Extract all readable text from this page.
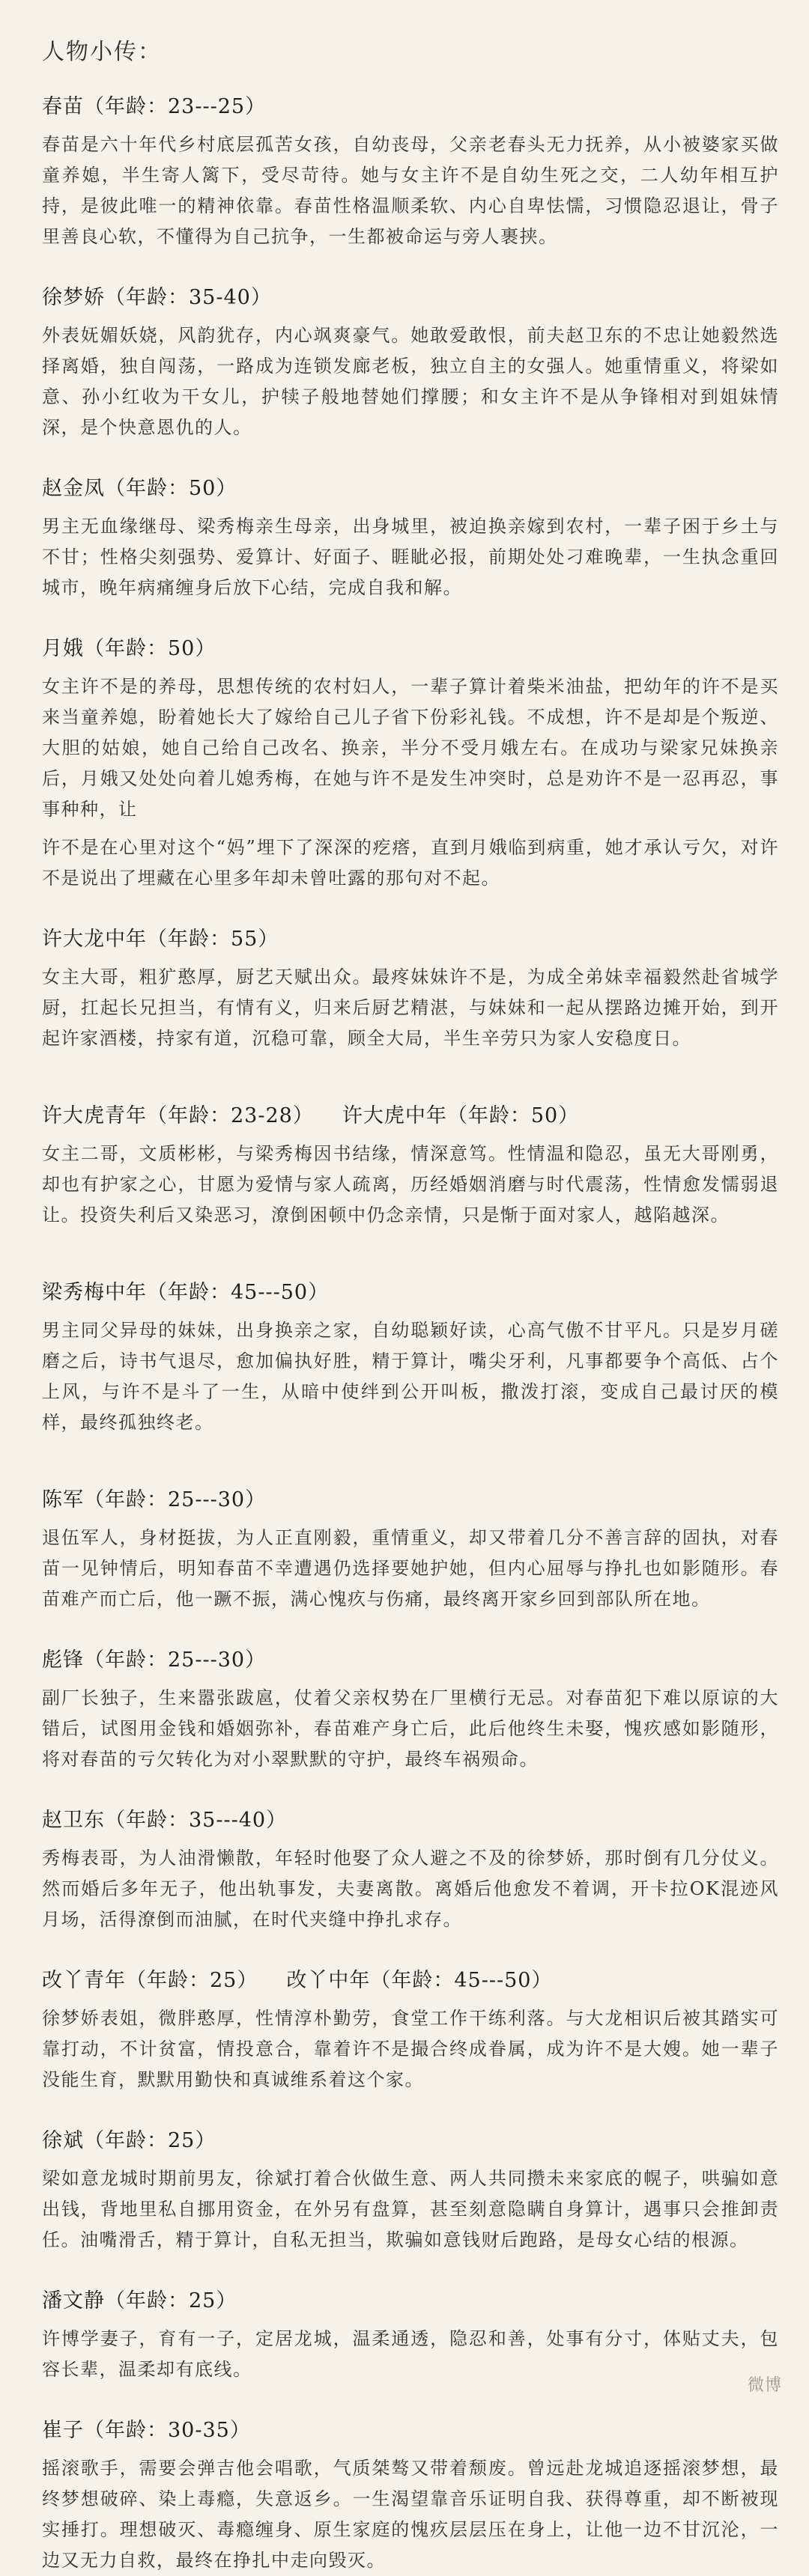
人物小传：
春苗（年龄：23---25）

春苗是六十年代乡村底层孤苦女孩，自幼丧母，父亲老春头无力抚养，从小被婆家买做童养媳，半生寄人篱下，受尽苛待。她与女主许不是自幼生死之交，二人幼年相互护持，是彼此唯一的精神依靠。春苗性格温顺柔软、内心自卑怯懦，习惯隐忍退让，骨子里善良心软，不懂得为自己抗争，一生都被命运与旁人裹挟。

徐梦娇（年龄：35-40）

外表妩媚妖娆，风韵犹存，内心飒爽豪气。她敢爱敢恨，前夫赵卫东的不忠让她毅然选择离婚，独自闯荡，一路成为连锁发廊老板，独立自主的女强人。她重情重义，将梁如意、孙小红收为干女儿，护犊子般地替她们撑腰；和女主许不是从争锋相对到姐妹情深，是个快意恩仇的人。

赵金凤（年龄：50）

男主无血缘继母、梁秀梅亲生母亲，出身城里，被迫换亲嫁到农村，一辈子困于乡土与不甘；性格尖刻强势、爱算计、好面子、睚眦必报，前期处处刁难晚辈，一生执念重回城市，晚年病痛缠身后放下心结，完成自我和解。

月娥（年龄：50）

女主许不是的养母，思想传统的农村妇人，一辈子算计着柴米油盐，把幼年的许不是买来当童养媳，盼着她长大了嫁给自己儿子省下份彩礼钱。不成想，许不是却是个叛逆、大胆的姑娘，她自己给自己改名、换亲，半分不受月娥左右。在成功与梁家兄妹换亲后，月娥又处处向着儿媳秀梅，在她与许不是发生冲突时，总是劝许不是一忍再忍，事事种种，让

许不是在心里对这个“妈”埋下了深深的疙瘩，直到月娥临到病重，她才承认亏欠，对许不是说出了埋藏在心里多年却未曾吐露的那句对不起。

许大龙中年（年龄：55）

女主大哥，粗犷憨厚，厨艺天赋出众。最疼妹妹许不是，为成全弟妹幸福毅然赴省城学厨，扛起长兄担当，有情有义，归来后厨艺精湛，与妹妹和一起从摆路边摊开始，到开起许家酒楼，持家有道，沉稳可靠，顾全大局，半生辛劳只为家人安稳度日。

许大虎青年（年龄：23-28） 许大虎中年（年龄：50）

女主二哥，文质彬彬，与梁秀梅因书结缘，情深意笃。性情温和隐忍，虽无大哥刚勇，却也有护家之心，甘愿为爱情与家人疏离，历经婚姻消磨与时代震荡，性情愈发懦弱退让。投资失利后又染恶习，潦倒困顿中仍念亲情，只是惭于面对家人，越陷越深。

梁秀梅中年（年龄：45---50）

男主同父异母的妹妹，出身换亲之家，自幼聪颖好读，心高气傲不甘平凡。只是岁月磋磨之后，诗书气退尽，愈加偏执好胜，精于算计，嘴尖牙利，凡事都要争个高低、占个上风，与许不是斗了一生，从暗中使绊到公开叫板，撒泼打滚，变成自己最讨厌的模样，最终孤独终老。

陈军（年龄：25---30）

退伍军人，身材挺拔，为人正直刚毅，重情重义，却又带着几分不善言辞的固执，对春苗一见钟情后，明知春苗不幸遭遇仍选择要她护她，但内心屈辱与挣扎也如影随形。春苗难产而亡后，他一蹶不振，满心愧疚与伤痛，最终离开家乡回到部队所在地。

彪锋（年龄：25---30）

副厂长独子，生来嚣张跋扈，仗着父亲权势在厂里横行无忌。对春苗犯下难以原谅的大错后，试图用金钱和婚姻弥补，春苗难产身亡后，此后他终生未娶，愧疚感如影随形，将对春苗的亏欠转化为对小翠默默的守护，最终车祸殒命。

赵卫东（年龄：35---40）

秀梅表哥，为人油滑懒散，年轻时他娶了众人避之不及的徐梦娇，那时倒有几分仗义。然而婚后多年无子，他出轨事发，夫妻离散。离婚后他愈发不着调，开卡拉OK混迹风月场，活得潦倒而油腻，在时代夹缝中挣扎求存。

改丫青年（年龄：25） 改丫中年（年龄：45---50）

徐梦娇表姐，微胖憨厚，性情淳朴勤劳，食堂工作干练利落。与大龙相识后被其踏实可靠打动，不计贫富，情投意合，靠着许不是撮合终成眷属，成为许不是大嫂。她一辈子没能生育，默默用勤快和真诚维系着这个家。

徐斌（年龄：25）

梁如意龙城时期前男友，徐斌打着合伙做生意、两人共同攒未来家底的幌子，哄骗如意出钱，背地里私自挪用资金，在外另有盘算，甚至刻意隐瞒自身算计，遇事只会推卸责任。油嘴滑舌，精于算计，自私无担当，欺骗如意钱财后跑路，是母女心结的根源。

潘文静（年龄：25）

许博学妻子，育有一子，定居龙城，温柔通透，隐忍和善，处事有分寸，体贴丈夫，包容长辈，温柔却有底线。

崔子（年龄：30-35）

摇滚歌手，需要会弹吉他会唱歌，气质桀骜又带着颓废。曾远赴龙城追逐摇滚梦想，最终梦想破碎、染上毒瘾，失意返乡。一生渴望靠音乐证明自我、获得尊重，却不断被现实捶打。理想破灭、毒瘾缠身、原生家庭的愧疚层层压在身上，让他一边不甘沉沦，一边又无力自救，最终在挣扎中走向毁灭。

微博
